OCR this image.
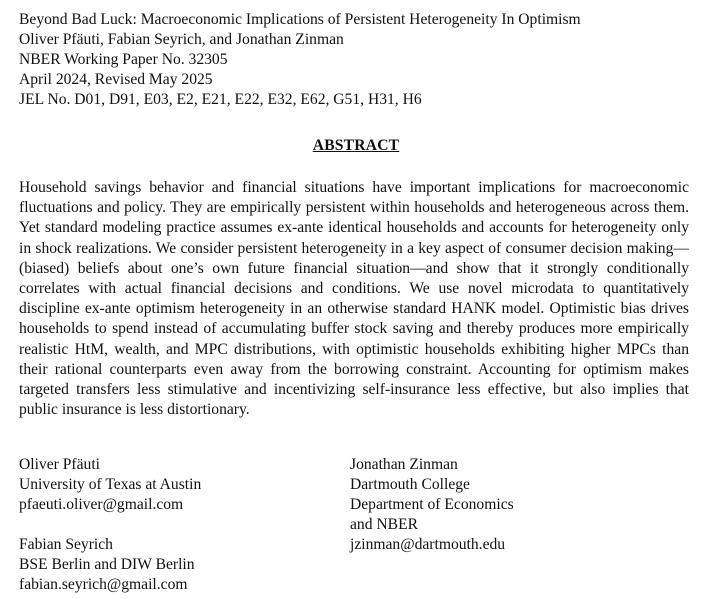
Beyond Bad Luck: Macroeconomic Implications of Persistent Heterogeneity In Optimism
Oliver Pfäuti, Fabian Seyrich, and Jonathan Zinman
NBER Working Paper No. 32305
April 2024, Revised May 2025
JEL No. D01, D91, E03, E2, E21, E22, E32, E62, G51, H31, H6
ABSTRACT
Household savings behavior and financial situations have important implications for macroeconomic fluctuations and policy. They are empirically persistent within households and heterogeneous across them. Yet standard modeling practice assumes ex-ante identical households and accounts for heterogeneity only in shock realizations. We consider persistent heterogeneity in a key aspect of consumer decision making—(biased) beliefs about one’s own future financial situation—and show that it strongly conditionally correlates with actual financial decisions and conditions. We use novel microdata to quantitatively discipline ex-ante optimism heterogeneity in an otherwise standard HANK model. Optimistic bias drives households to spend instead of accumulating buffer stock saving and thereby produces more empirically realistic HtM, wealth, and MPC distributions, with optimistic households exhibiting higher MPCs than their rational counterparts even away from the borrowing constraint. Accounting for optimism makes targeted transfers less stimulative and incentivizing self-insurance less effective, but also implies that public insurance is less distortionary.
Oliver Pfäuti
University of Texas at Austin
pfaeuti.oliver@gmail.com
Fabian Seyrich
BSE Berlin and DIW Berlin
fabian.seyrich@gmail.com
Jonathan Zinman
Dartmouth College
Department of Economics
and NBER
jzinman@dartmouth.edu
